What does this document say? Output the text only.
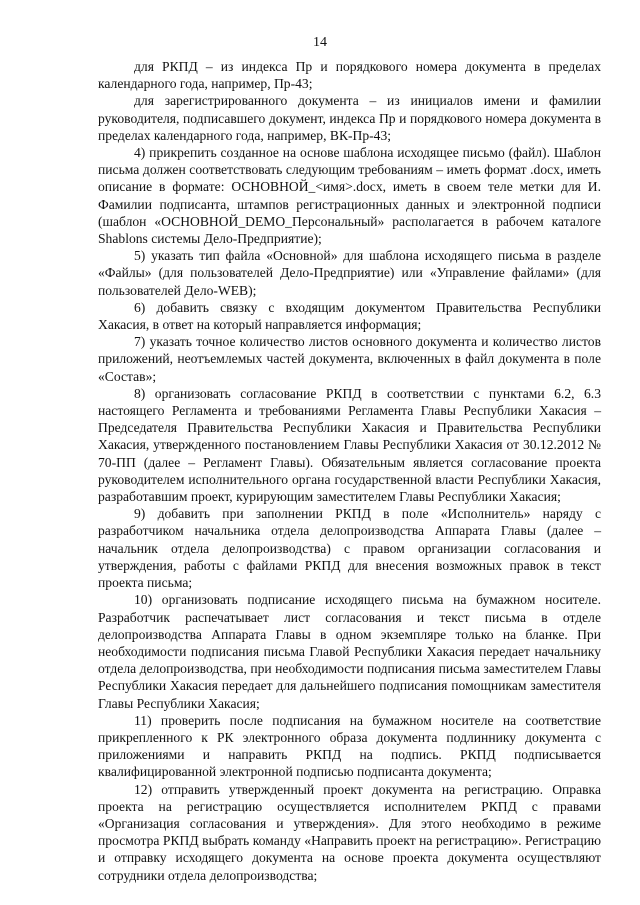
14

для РКПД – из индекса Пр и порядкового номера документа в пределах календарного года, например, Пр-43;

для зарегистрированного документа – из инициалов имени и фамилии руководителя, подписавшего документ, индекса Пр и порядкового номера документа в пределах календарного года, например, ВК-Пр-43;

4) прикрепить созданное на основе шаблона исходящее письмо (файл). Шаблон письма должен соответствовать следующим требованиям – иметь формат .docx, иметь описание в формате: ОСНОВНОЙ_<имя>.docx, иметь в своем теле метки для И. Фамилии подписанта, штампов регистрационных данных и электронной подписи (шаблон «ОСНОВНОЙ_DEMO_Персональный» располагается в рабочем каталоге Shablons системы Дело-Предприятие);

5) указать тип файла «Основной» для шаблона исходящего письма в разделе «Файлы» (для пользователей Дело-Предприятие) или «Управление файлами» (для пользователей Дело-WEB);

6) добавить связку с входящим документом Правительства Республики Хакасия, в ответ на который направляется информация;

7) указать точное количество листов основного документа и количество листов приложений, неотъемлемых частей документа, включенных в файл документа в поле «Состав»;

8) организовать согласование РКПД в соответствии с пунктами 6.2, 6.3 настоящего Регламента и требованиями Регламента Главы Республики Хакасия – Председателя Правительства Республики Хакасия и Правительства Республики Хакасия, утвержденного постановлением Главы Республики Хакасия от 30.12.2012 № 70-ПП (далее – Регламент Главы). Обязательным является согласование проекта руководителем исполнительного органа государственной власти Республики Хакасия, разработавшим проект, курирующим заместителем Главы Республики Хакасия;

9) добавить при заполнении РКПД в поле «Исполнитель» наряду с разработчиком начальника отдела делопроизводства Аппарата Главы (далее – начальник отдела делопроизводства) с правом организации согласования и утверждения, работы с файлами РКПД для внесения возможных правок в текст проекта письма;

10) организовать подписание исходящего письма на бумажном носителе. Разработчик распечатывает лист согласования и текст письма в отделе делопроизводства Аппарата Главы в одном экземпляре только на бланке. При необходимости подписания письма Главой Республики Хакасия передает начальнику отдела делопроизводства, при необходимости подписания письма заместителем Главы Республики Хакасия передает для дальнейшего подписания помощникам заместителя Главы Республики Хакасия;

11) проверить после подписания на бумажном носителе на соответствие прикрепленного к РК электронного образа документа подлиннику документа с приложениями и направить РКПД на подпись. РКПД подписывается квалифицированной электронной подписью подписанта документа;

12) отправить утвержденный проект документа на регистрацию. Оправка проекта на регистрацию осуществляется исполнителем РКПД с правами «Организация согласования и утверждения». Для этого необходимо в режиме просмотра РКПД выбрать команду «Направить проект на регистрацию». Регистрацию и отправку исходящего документа на основе проекта документа осуществляют сотрудники отдела делопроизводства;
